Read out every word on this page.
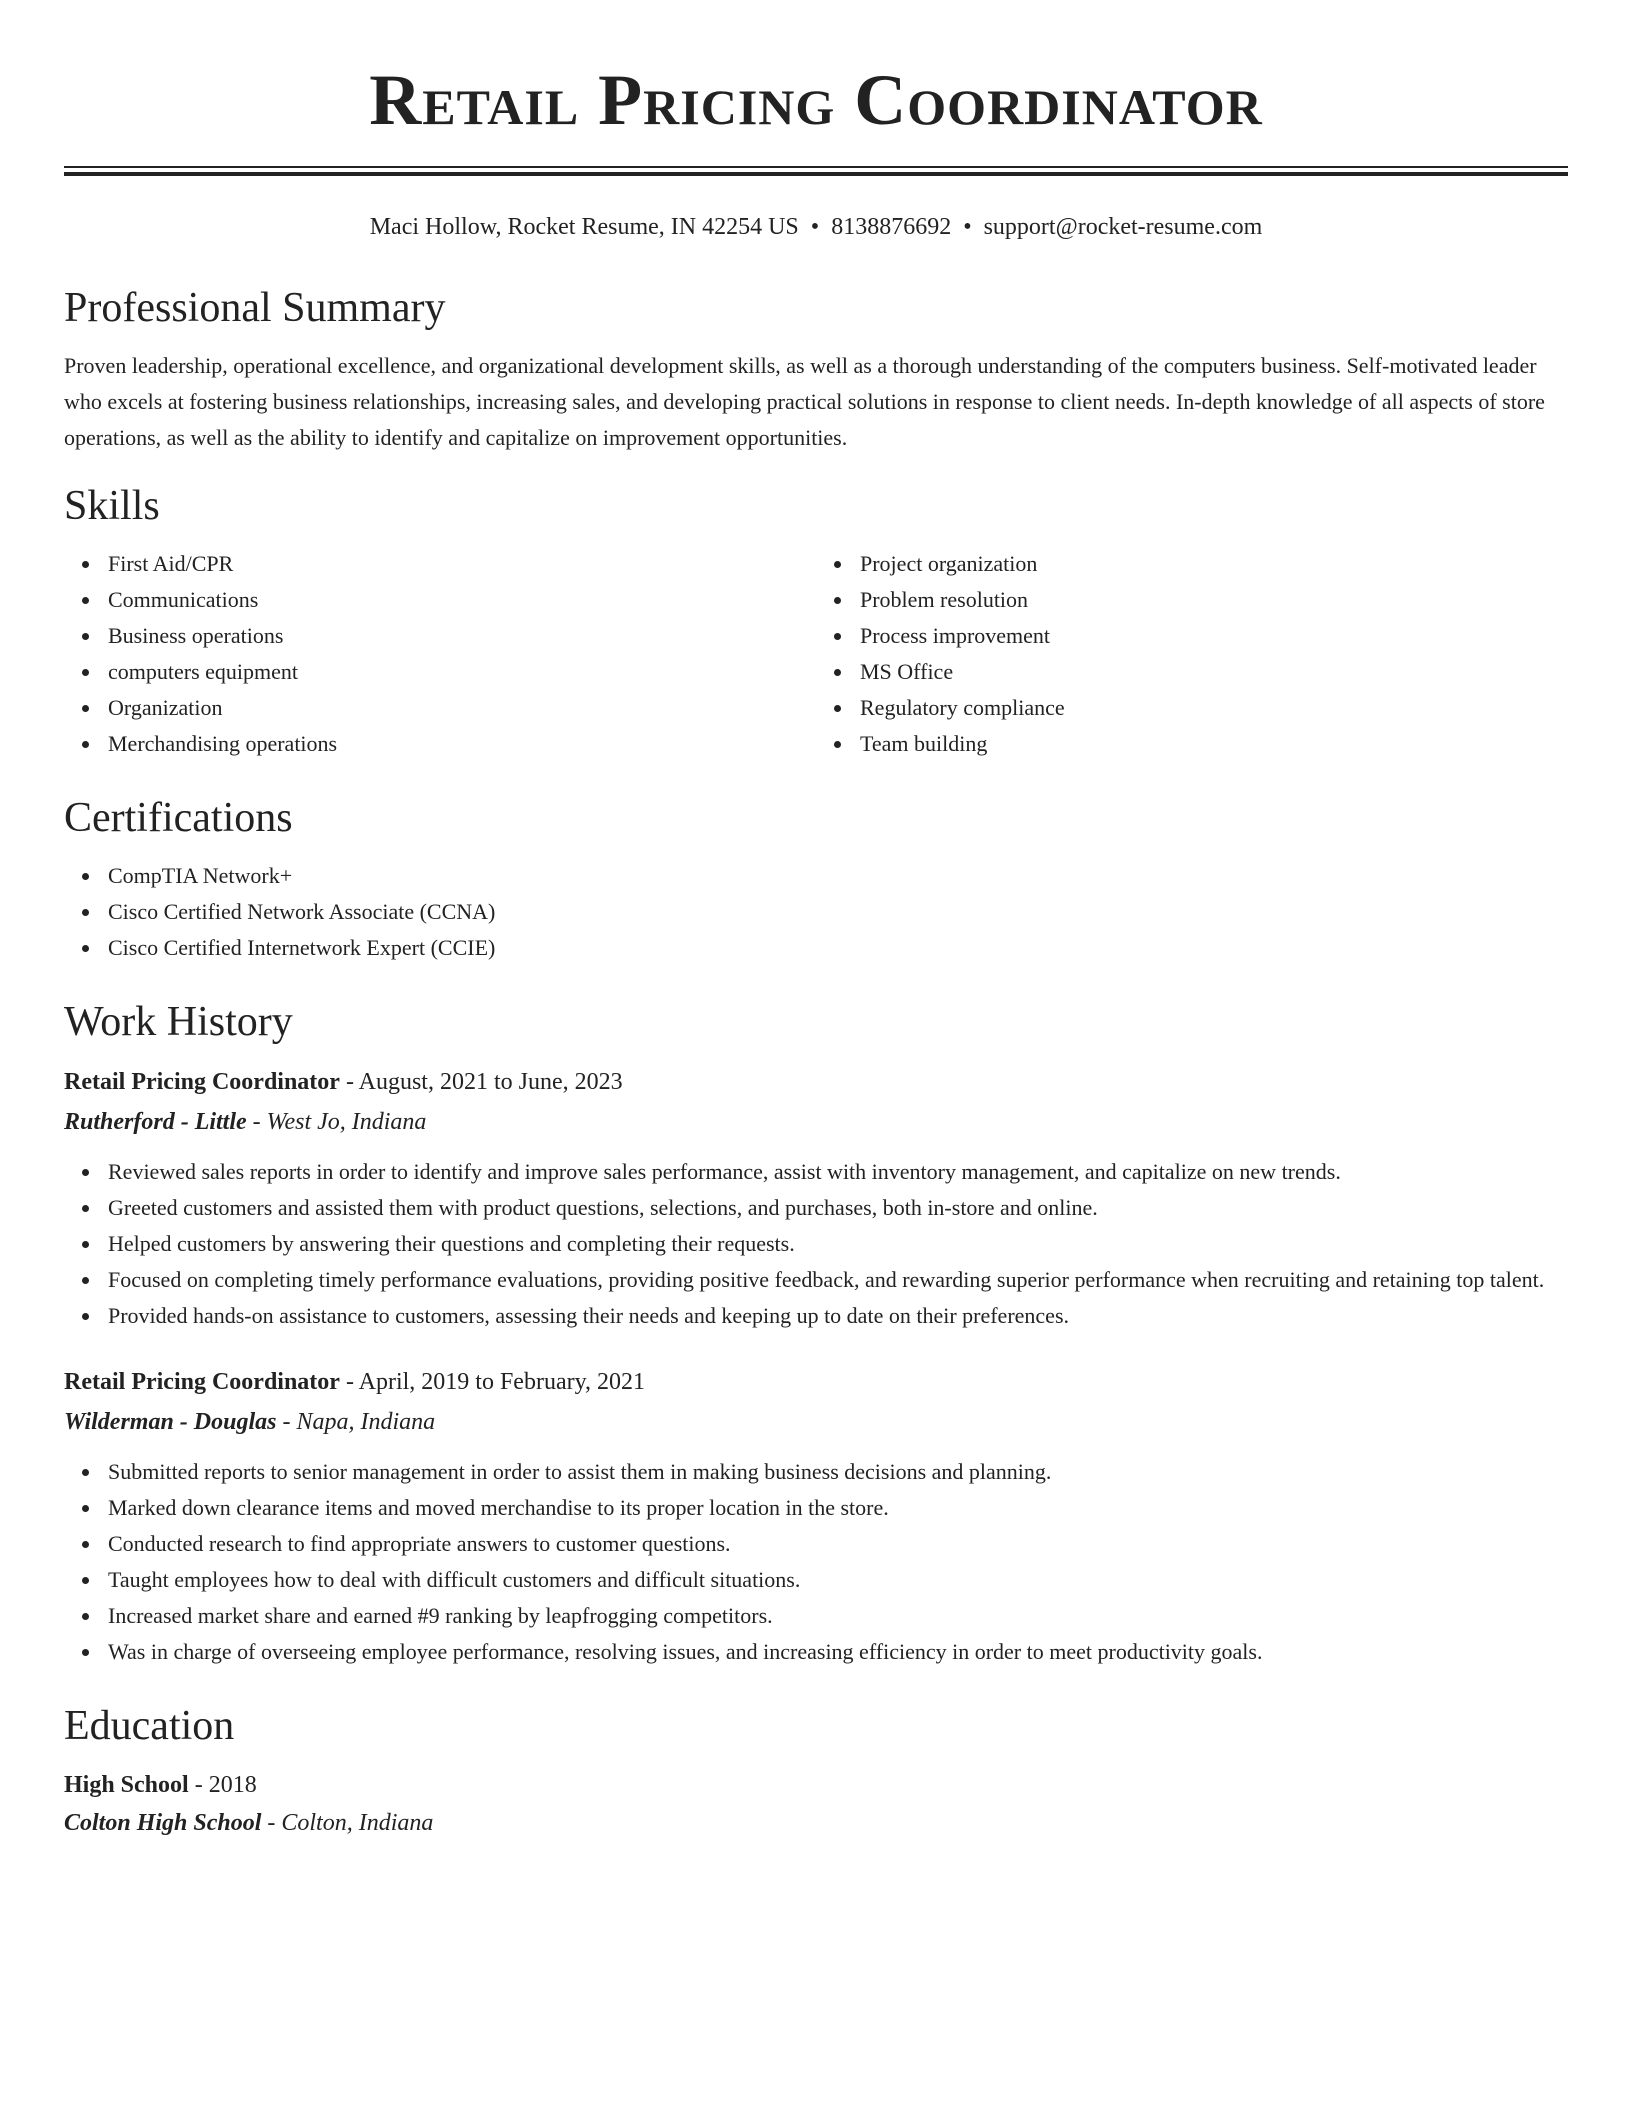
Retail Pricing Coordinator
Maci Hollow, Rocket Resume, IN 42254 US • 8138876692 • support@rocket-resume.com
Professional Summary
Proven leadership, operational excellence, and organizational development skills, as well as a thorough understanding of the computers business. Self-motivated leader who excels at fostering business relationships, increasing sales, and developing practical solutions in response to client needs. In-depth knowledge of all aspects of store operations, as well as the ability to identify and capitalize on improvement opportunities.
Skills
First Aid/CPR
Communications
Business operations
computers equipment
Organization
Merchandising operations
Project organization
Problem resolution
Process improvement
MS Office
Regulatory compliance
Team building
Certifications
CompTIA Network+
Cisco Certified Network Associate (CCNA)
Cisco Certified Internetwork Expert (CCIE)
Work History
Retail Pricing Coordinator - August, 2021 to June, 2023
Rutherford - Little - West Jo, Indiana
Reviewed sales reports in order to identify and improve sales performance, assist with inventory management, and capitalize on new trends.
Greeted customers and assisted them with product questions, selections, and purchases, both in-store and online.
Helped customers by answering their questions and completing their requests.
Focused on completing timely performance evaluations, providing positive feedback, and rewarding superior performance when recruiting and retaining top talent.
Provided hands-on assistance to customers, assessing their needs and keeping up to date on their preferences.
Retail Pricing Coordinator - April, 2019 to February, 2021
Wilderman - Douglas - Napa, Indiana
Submitted reports to senior management in order to assist them in making business decisions and planning.
Marked down clearance items and moved merchandise to its proper location in the store.
Conducted research to find appropriate answers to customer questions.
Taught employees how to deal with difficult customers and difficult situations.
Increased market share and earned #9 ranking by leapfrogging competitors.
Was in charge of overseeing employee performance, resolving issues, and increasing efficiency in order to meet productivity goals.
Education
High School - 2018
Colton High School - Colton, Indiana
